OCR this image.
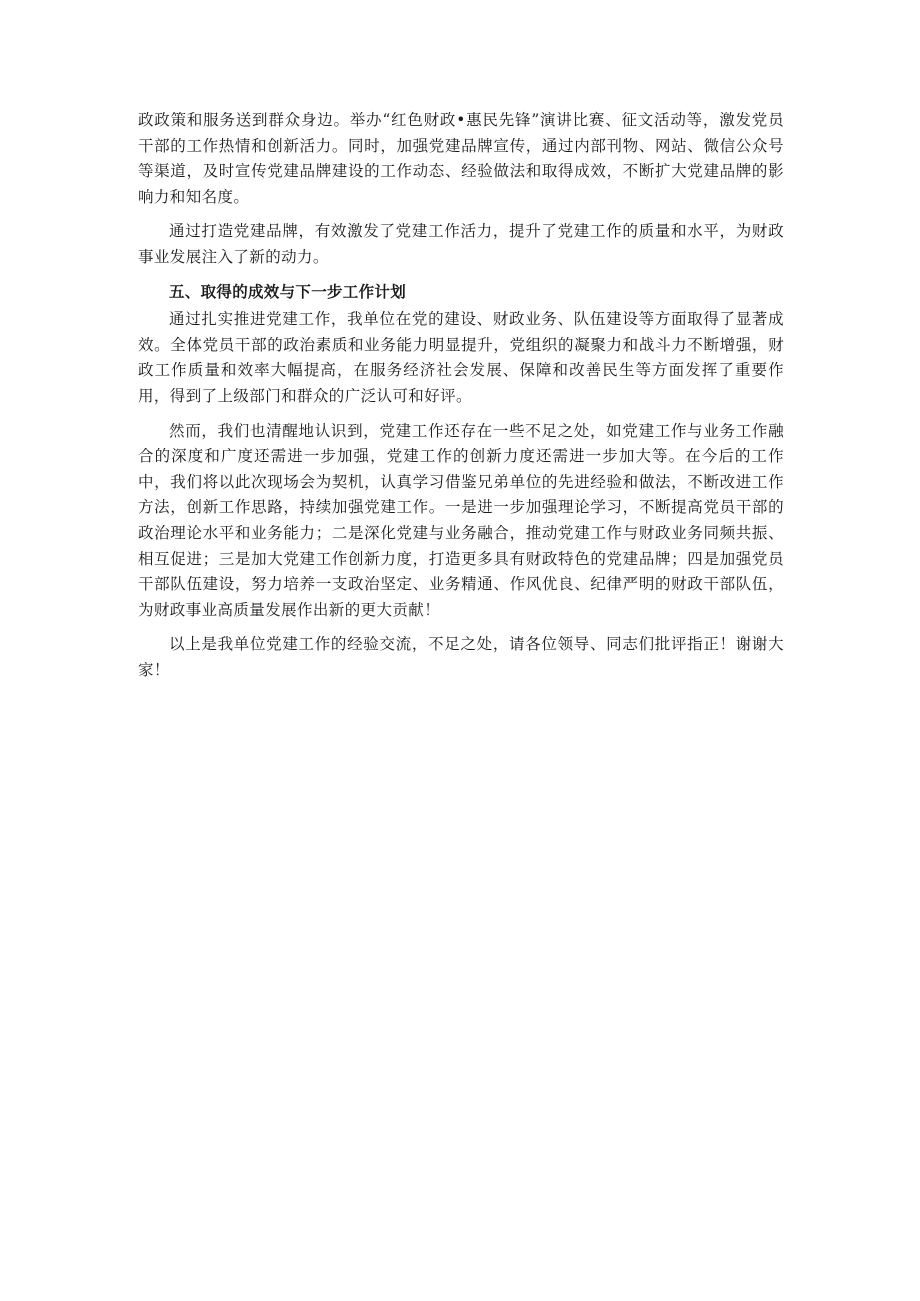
政政策和服务送到群众身边。举办“红色财政•惠民先锋”演讲比赛、征文活动等，激发党员干部的工作热情和创新活力。同时，加强党建品牌宣传，通过内部刊物、网站、微信公众号等渠道，及时宣传党建品牌建设的工作动态、经验做法和取得成效，不断扩大党建品牌的影响力和知名度。

通过打造党建品牌，有效激发了党建工作活力，提升了党建工作的质量和水平，为财政事业发展注入了新的动力。

五、取得的成效与下一步工作计划

通过扎实推进党建工作，我单位在党的建设、财政业务、队伍建设等方面取得了显著成效。全体党员干部的政治素质和业务能力明显提升，党组织的凝聚力和战斗力不断增强，财政工作质量和效率大幅提高，在服务经济社会发展、保障和改善民生等方面发挥了重要作用，得到了上级部门和群众的广泛认可和好评。

然而，我们也清醒地认识到，党建工作还存在一些不足之处，如党建工作与业务工作融合的深度和广度还需进一步加强，党建工作的创新力度还需进一步加大等。在今后的工作中，我们将以此次现场会为契机，认真学习借鉴兄弟单位的先进经验和做法，不断改进工作方法，创新工作思路，持续加强党建工作。一是进一步加强理论学习，不断提高党员干部的政治理论水平和业务能力；二是深化党建与业务融合，推动党建工作与财政业务同频共振、相互促进；三是加大党建工作创新力度，打造更多具有财政特色的党建品牌；四是加强党员干部队伍建设，努力培养一支政治坚定、业务精通、作风优良、纪律严明的财政干部队伍，为财政事业高质量发展作出新的更大贡献！

以上是我单位党建工作的经验交流，不足之处，请各位领导、同志们批评指正！谢谢大家！
